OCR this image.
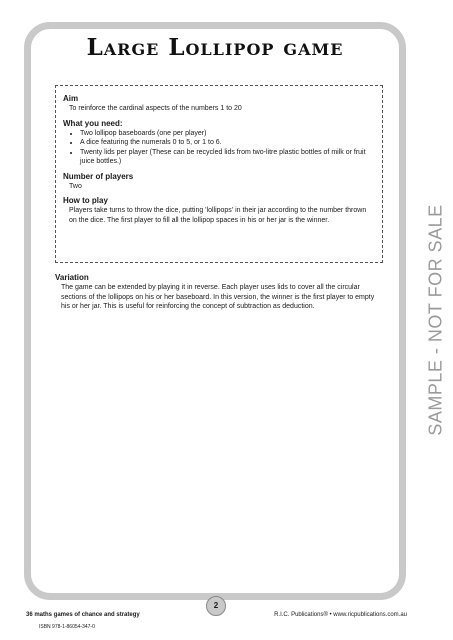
Large Lollipop game

Aim

To reinforce the cardinal aspects of the numbers 1 to 20

What you need:

• Two lollipop baseboards (one per player)
• A dice featuring the numerals 0 to 5, or 1 to 6.
• Twenty lids per player (These can be recycled lids from two-litre plastic bottles of milk or fruit juice bottles.)

Number of players

Two

How to play

Players take turns to throw the dice, putting 'lollipops' in their jar according to the number thrown on the dice. The first player to fill all the lollipop spaces in his or her jar is the winner.

Variation

The game can be extended by playing it in reverse. Each player uses lids to cover all the circular sections of the lollipops on his or her baseboard. In this version, the winner is the first player to empty his or her jar. This is useful for reinforcing the concept of subtraction as deduction.	SAMPLE - NOT FOR SALE
2
36 maths games of chance and strategy	R.I.C. Publications® • www.ricpublications.com.au
ISBN 978-1-86054-347-0
